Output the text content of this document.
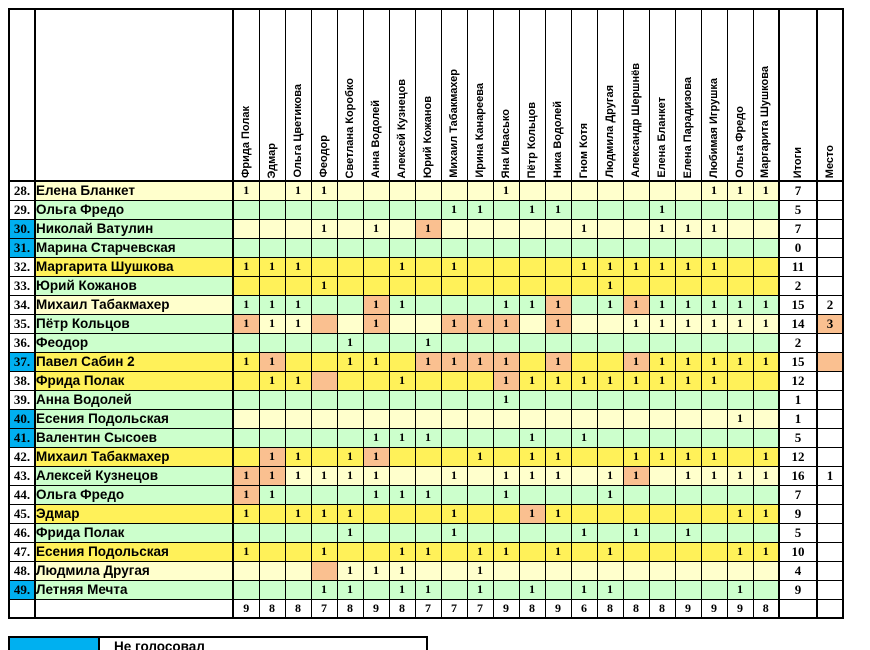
		Фрида Полак	Эдмар	Ольга Цветикова	Феодор	Светлана Коробко	Анна Водолей	Алексей Кузнецов	Юрий Кожанов	Михаил Табакмахер	Ирина Канареева	Яна Ивасько	Пётр Кольцов	Ника Водолей	Гном Котя	Людмила Другая	Александр Шершнёв	Елена Бланкет	Елена Парадизова	Любимая Игрушка	Ольга Фредо	Маргарита Шушкова	Итоги	Место

28.	Елена Бланкет	1		1	1							1								1	1	1	7	
29.	Ольга Фредо									1	1		1	1				1					5	
30.	Николай Ватулин				1		1		1						1			1	1	1			7	
31.	Марина Старчевская																						0	
32.	Маргарита Шушкова	1	1	1				1		1					1	1	1	1	1	1			11	
33.	Юрий Кожанов				1											1							2	
34.	Михаил Табакмахер	1	1	1			1	1				1	1	1		1	1	1	1	1	1	1	15	2
35.	Пётр Кольцов	1	1	1			1			1	1	1		1			1	1	1	1	1	1	14	3
36.	Феодор					1			1														2	
37.	Павел Сабин 2	1	1			1	1		1	1	1	1		1			1	1	1	1	1	1	15	
38.	Фрида Полак		1	1				1				1	1	1	1	1	1	1	1	1			12	
39.	Анна Водолей											1											1	
40.	Есения Подольская																				1		1	
41.	Валентин Сысоев						1	1	1				1		1								5	
42.	Михаил Табакмахер		1	1		1	1				1		1	1			1	1	1	1		1	12	
43.	Алексей Кузнецов	1	1	1	1	1	1			1		1	1	1		1	1		1	1	1	1	16	1
44.	Ольга Фредо	1	1				1	1	1			1				1							7	
45.	Эдмар	1		1	1	1				1			1	1							1	1	9	
46.	Фрида Полак					1				1					1		1		1				5	
47.	Есения Подольская	1			1			1	1		1	1		1		1					1	1	10	
48.	Людмила Другая					1	1	1			1												4	
49.	Летняя Мечта				1	1		1	1		1		1		1	1					1		9	
		9	8	8	7	8	9	8	7	7	7	9	8	9	6	8	8	8	9	9	9	8		
	Не голосовал
